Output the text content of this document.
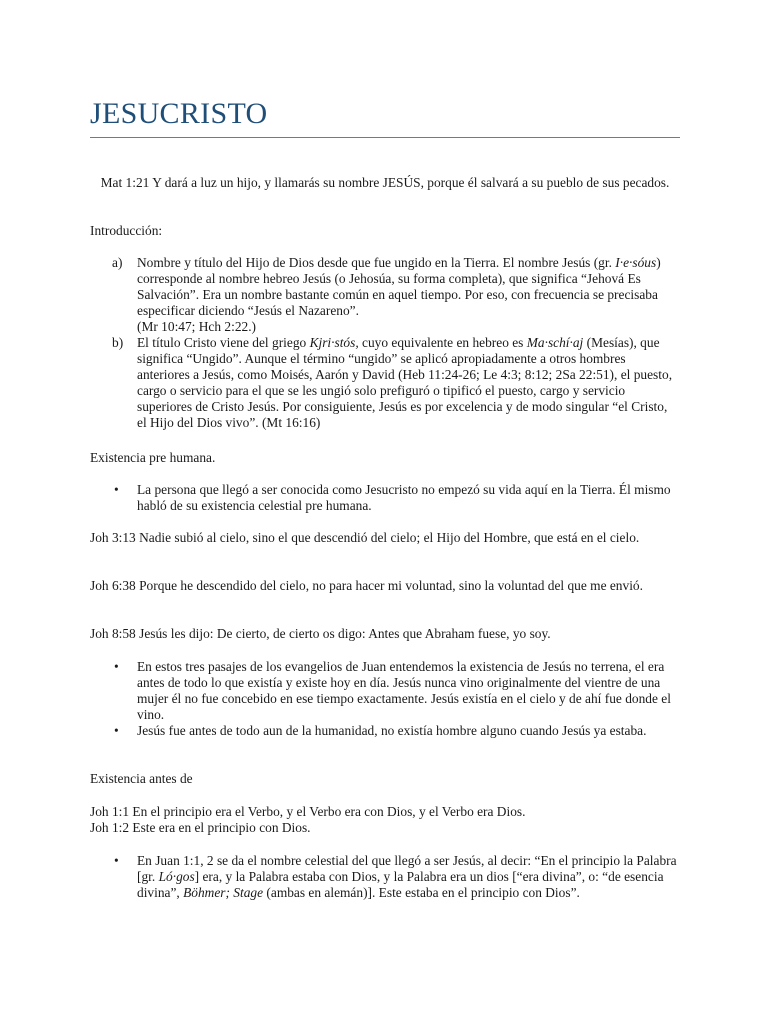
JESUCRISTO

Mat 1:21 Y dará a luz un hijo, y llamarás su nombre JESÚS, porque él salvará a su pueblo de sus pecados.

Introducción:

a) Nombre y título del Hijo de Dios desde que fue ungido en la Tierra. El nombre Jesús (gr. I·e·sóus) corresponde al nombre hebreo Jesús (o Jehosúa, su forma completa), que significa “Jehová Es Salvación”. Era un nombre bastante común en aquel tiempo. Por eso, con frecuencia se precisaba especificar diciendo “Jesús el Nazareno”.
(Mr 10:47; Hch 2:22.)
b) El título Cristo viene del griego Kjri·stós, cuyo equivalente en hebreo es Ma·schí·aj (Mesías), que significa “Ungido”. Aunque el término “ungido” se aplicó apropiadamente a otros hombres anteriores a Jesús, como Moisés, Aarón y David (Heb 11:24-26; Le 4:3; 8:12; 2Sa 22:51), el puesto, cargo o servicio para el que se les ungió solo prefiguró o tipificó el puesto, cargo y servicio superiores de Cristo Jesús. Por consiguiente, Jesús es por excelencia y de modo singular “el Cristo, el Hijo del Dios vivo”. (Mt 16:16)

Existencia pre humana.

• La persona que llegó a ser conocida como Jesucristo no empezó su vida aquí en la Tierra. Él mismo habló de su existencia celestial pre humana.

Joh 3:13 Nadie subió al cielo, sino el que descendió del cielo; el Hijo del Hombre, que está en el cielo.

Joh 6:38 Porque he descendido del cielo, no para hacer mi voluntad, sino la voluntad del que me envió.

Joh 8:58 Jesús les dijo: De cierto, de cierto os digo: Antes que Abraham fuese, yo soy.

• En estos tres pasajes de los evangelios de Juan entendemos la existencia de Jesús no terrena, el era antes de todo lo que existía y existe hoy en día. Jesús nunca vino originalmente del vientre de una mujer él no fue concebido en ese tiempo exactamente. Jesús existía en el cielo y de ahí fue donde el vino.
• Jesús fue antes de todo aun de la humanidad, no existía hombre alguno cuando Jesús ya estaba.

Existencia antes de

Joh 1:1 En el principio era el Verbo, y el Verbo era con Dios, y el Verbo era Dios.

Joh 1:2 Este era en el principio con Dios.

• En Juan 1:1, 2 se da el nombre celestial del que llegó a ser Jesús, al decir: “En el principio la Palabra [gr. Ló·gos] era, y la Palabra estaba con Dios, y la Palabra era un dios [“era divina”, o: “de esencia divina”, Böhmer; Stage (ambas en alemán)]. Este estaba en el principio con Dios”.
